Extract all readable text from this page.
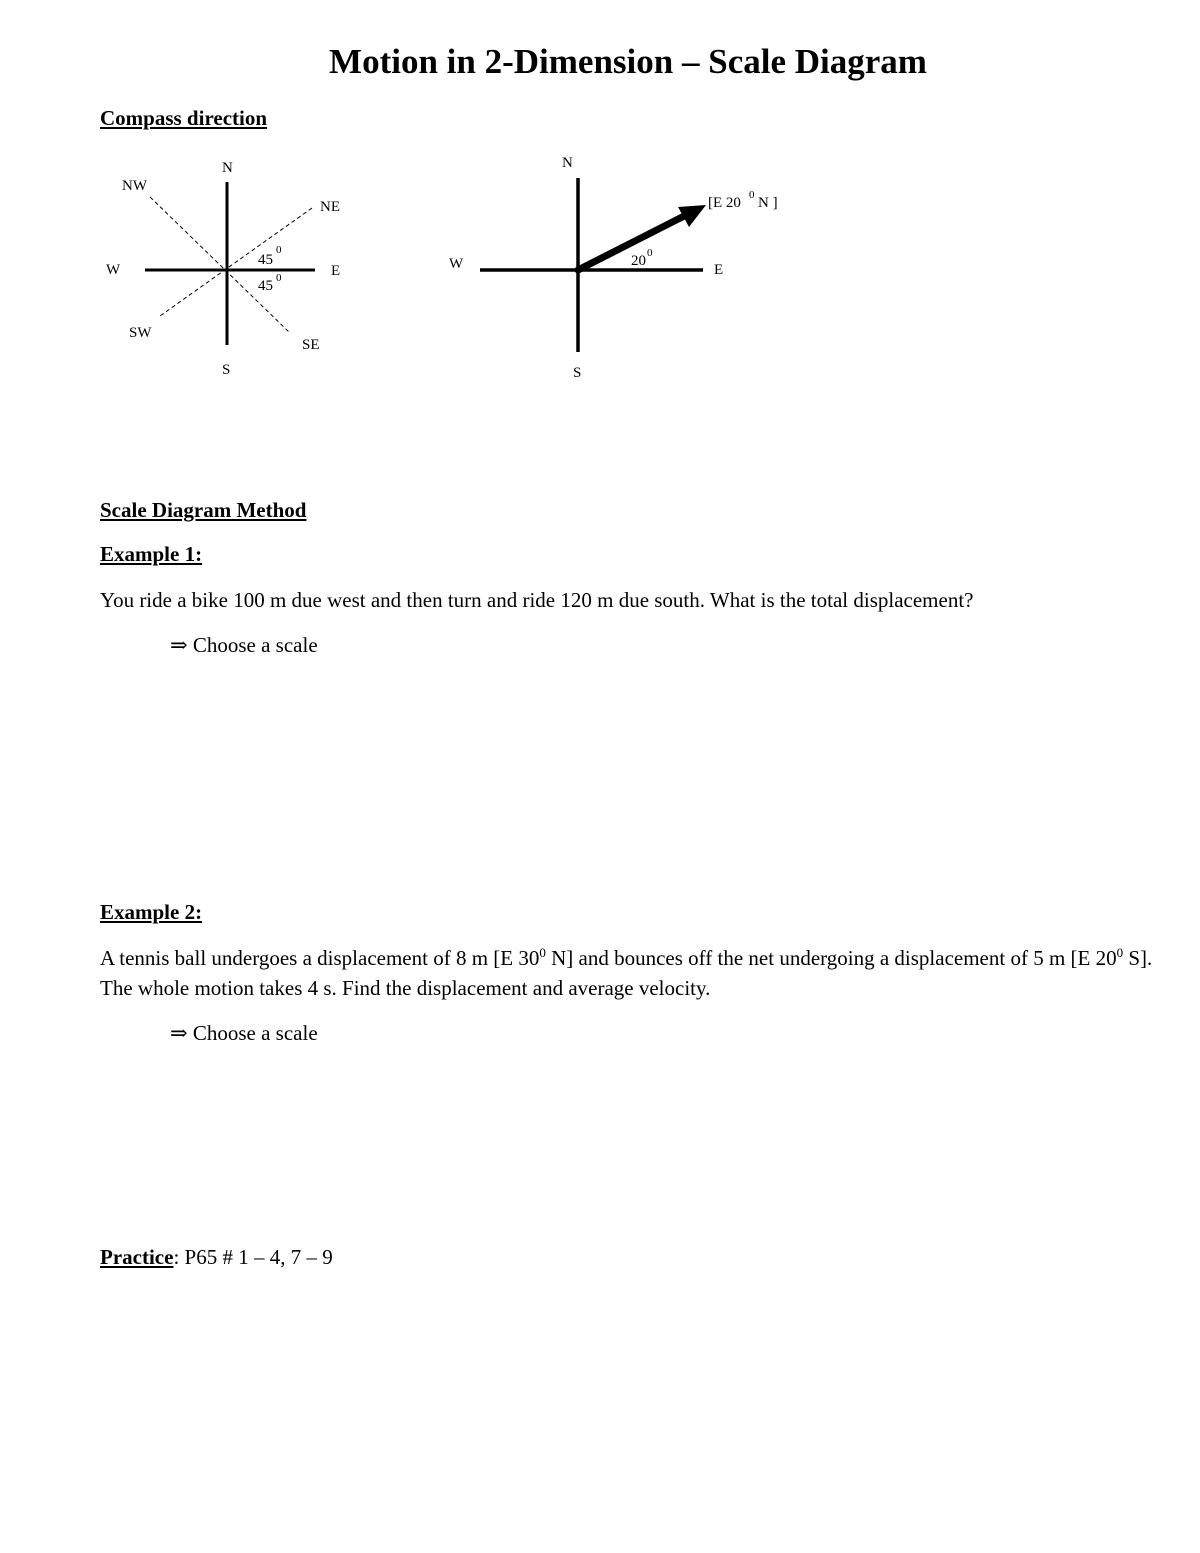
Motion in 2-Dimension – Scale Diagram
Compass direction
N
S
E
W
NE
NW
SE
SW
45
0
45 0
N
S
E
W	20 0
[E 20 0 N ]
Scale Diagram Method
Example 1:
You ride a bike 100 m due west and then turn and ride 120 m due south. What is the total displacement?
⇒ Choose a scale
Example 2:
A tennis ball undergoes a displacement of 8 m [E $30^0$ N] and bounces off the net undergoing a displacement of 5 m [E $20^0$ S]. The whole motion takes 4 s. Find the displacement and average velocity.
⇒ Choose a scale
Practice: P65 # 1 – 4, 7 – 9
